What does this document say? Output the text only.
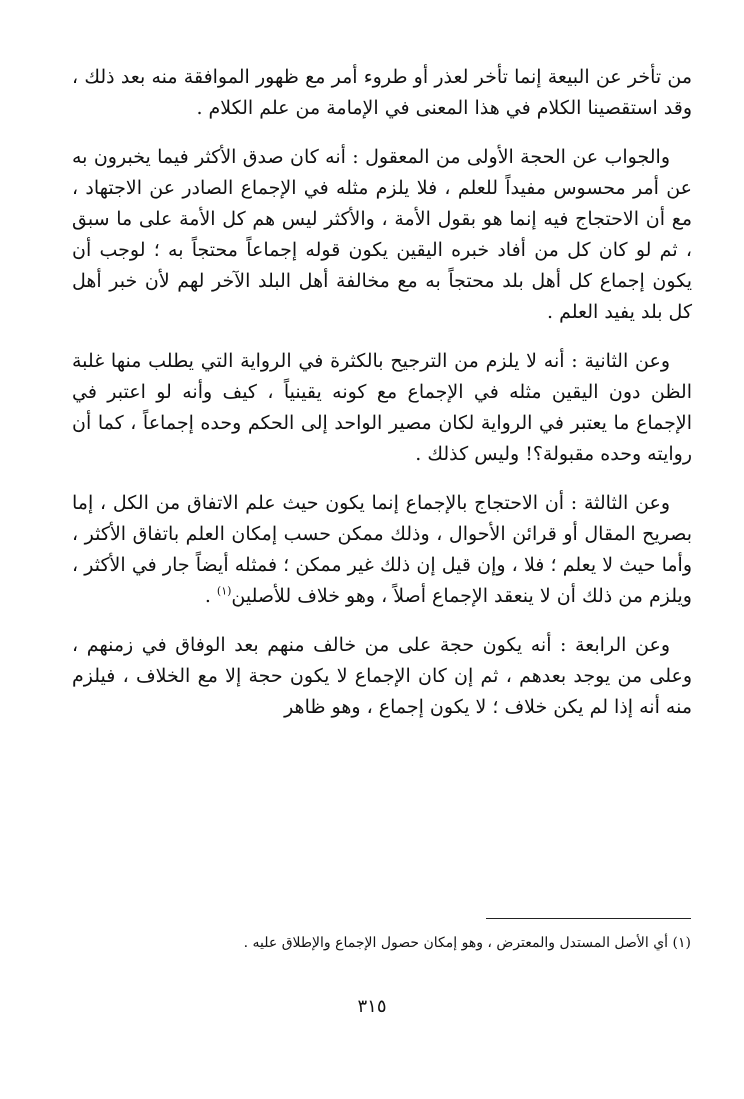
من تأخر عن البيعة إنما تأخر لعذر أو طروء أمر مع ظهور الموافقة منه بعد ذلك ، وقد استقصينا الكلام في هذا المعنى في الإمامة من علم الكلام .

والجواب عن الحجة الأولى من المعقول : أنه كان صدق الأكثر فيما يخبرون به عن أمر محسوس مفيداً للعلم ، فلا يلزم مثله في الإجماع الصادر عن الاجتهاد ، مع أن الاحتجاج فيه إنما هو بقول الأمة ، والأكثر ليس هم كل الأمة على ما سبق ، ثم لو كان كل من أفاد خبره اليقين يكون قوله إجماعاً محتجاً به ؛ لوجب أن يكون إجماع كل أهل بلد محتجاً به مع مخالفة أهل البلد الآخر لهم لأن خبر أهل كل بلد يفيد العلم .

وعن الثانية : أنه لا يلزم من الترجيح بالكثرة في الرواية التي يطلب منها غلبة الظن دون اليقين مثله في الإجماع مع كونه يقينياً ، كيف وأنه لو اعتبر في الإجماع ما يعتبر في الرواية لكان مصير الواحد إلى الحكم وحده إجماعاً ، كما أن روايته وحده مقبولة؟! وليس كذلك .

وعن الثالثة : أن الاحتجاج بالإجماع إنما يكون حيث علم الاتفاق من الكل ، إما بصريح المقال أو قرائن الأحوال ، وذلك ممكن حسب إمكان العلم باتفاق الأكثر ، وأما حيث لا يعلم ؛ فلا ، وإن قيل إن ذلك غير ممكن ؛ فمثله أيضاً جار في الأكثر ، ويلزم من ذلك أن لا ينعقد الإجماع أصلاً ، وهو خلاف للأصلين$^{(١)}$ .

وعن الرابعة : أنه يكون حجة على من خالف منهم بعد الوفاق في زمنهم ، وعلى من يوجد بعدهم ، ثم إن كان الإجماع لا يكون حجة إلا مع الخلاف ، فيلزم منه أنه إذا لم يكن خلاف ؛ لا يكون إجماع ، وهو ظاهر

(١) أي الأصل المستدل والمعترض ، وهو إمكان حصول الإجماع والإطلاق عليه .
٣١٥
